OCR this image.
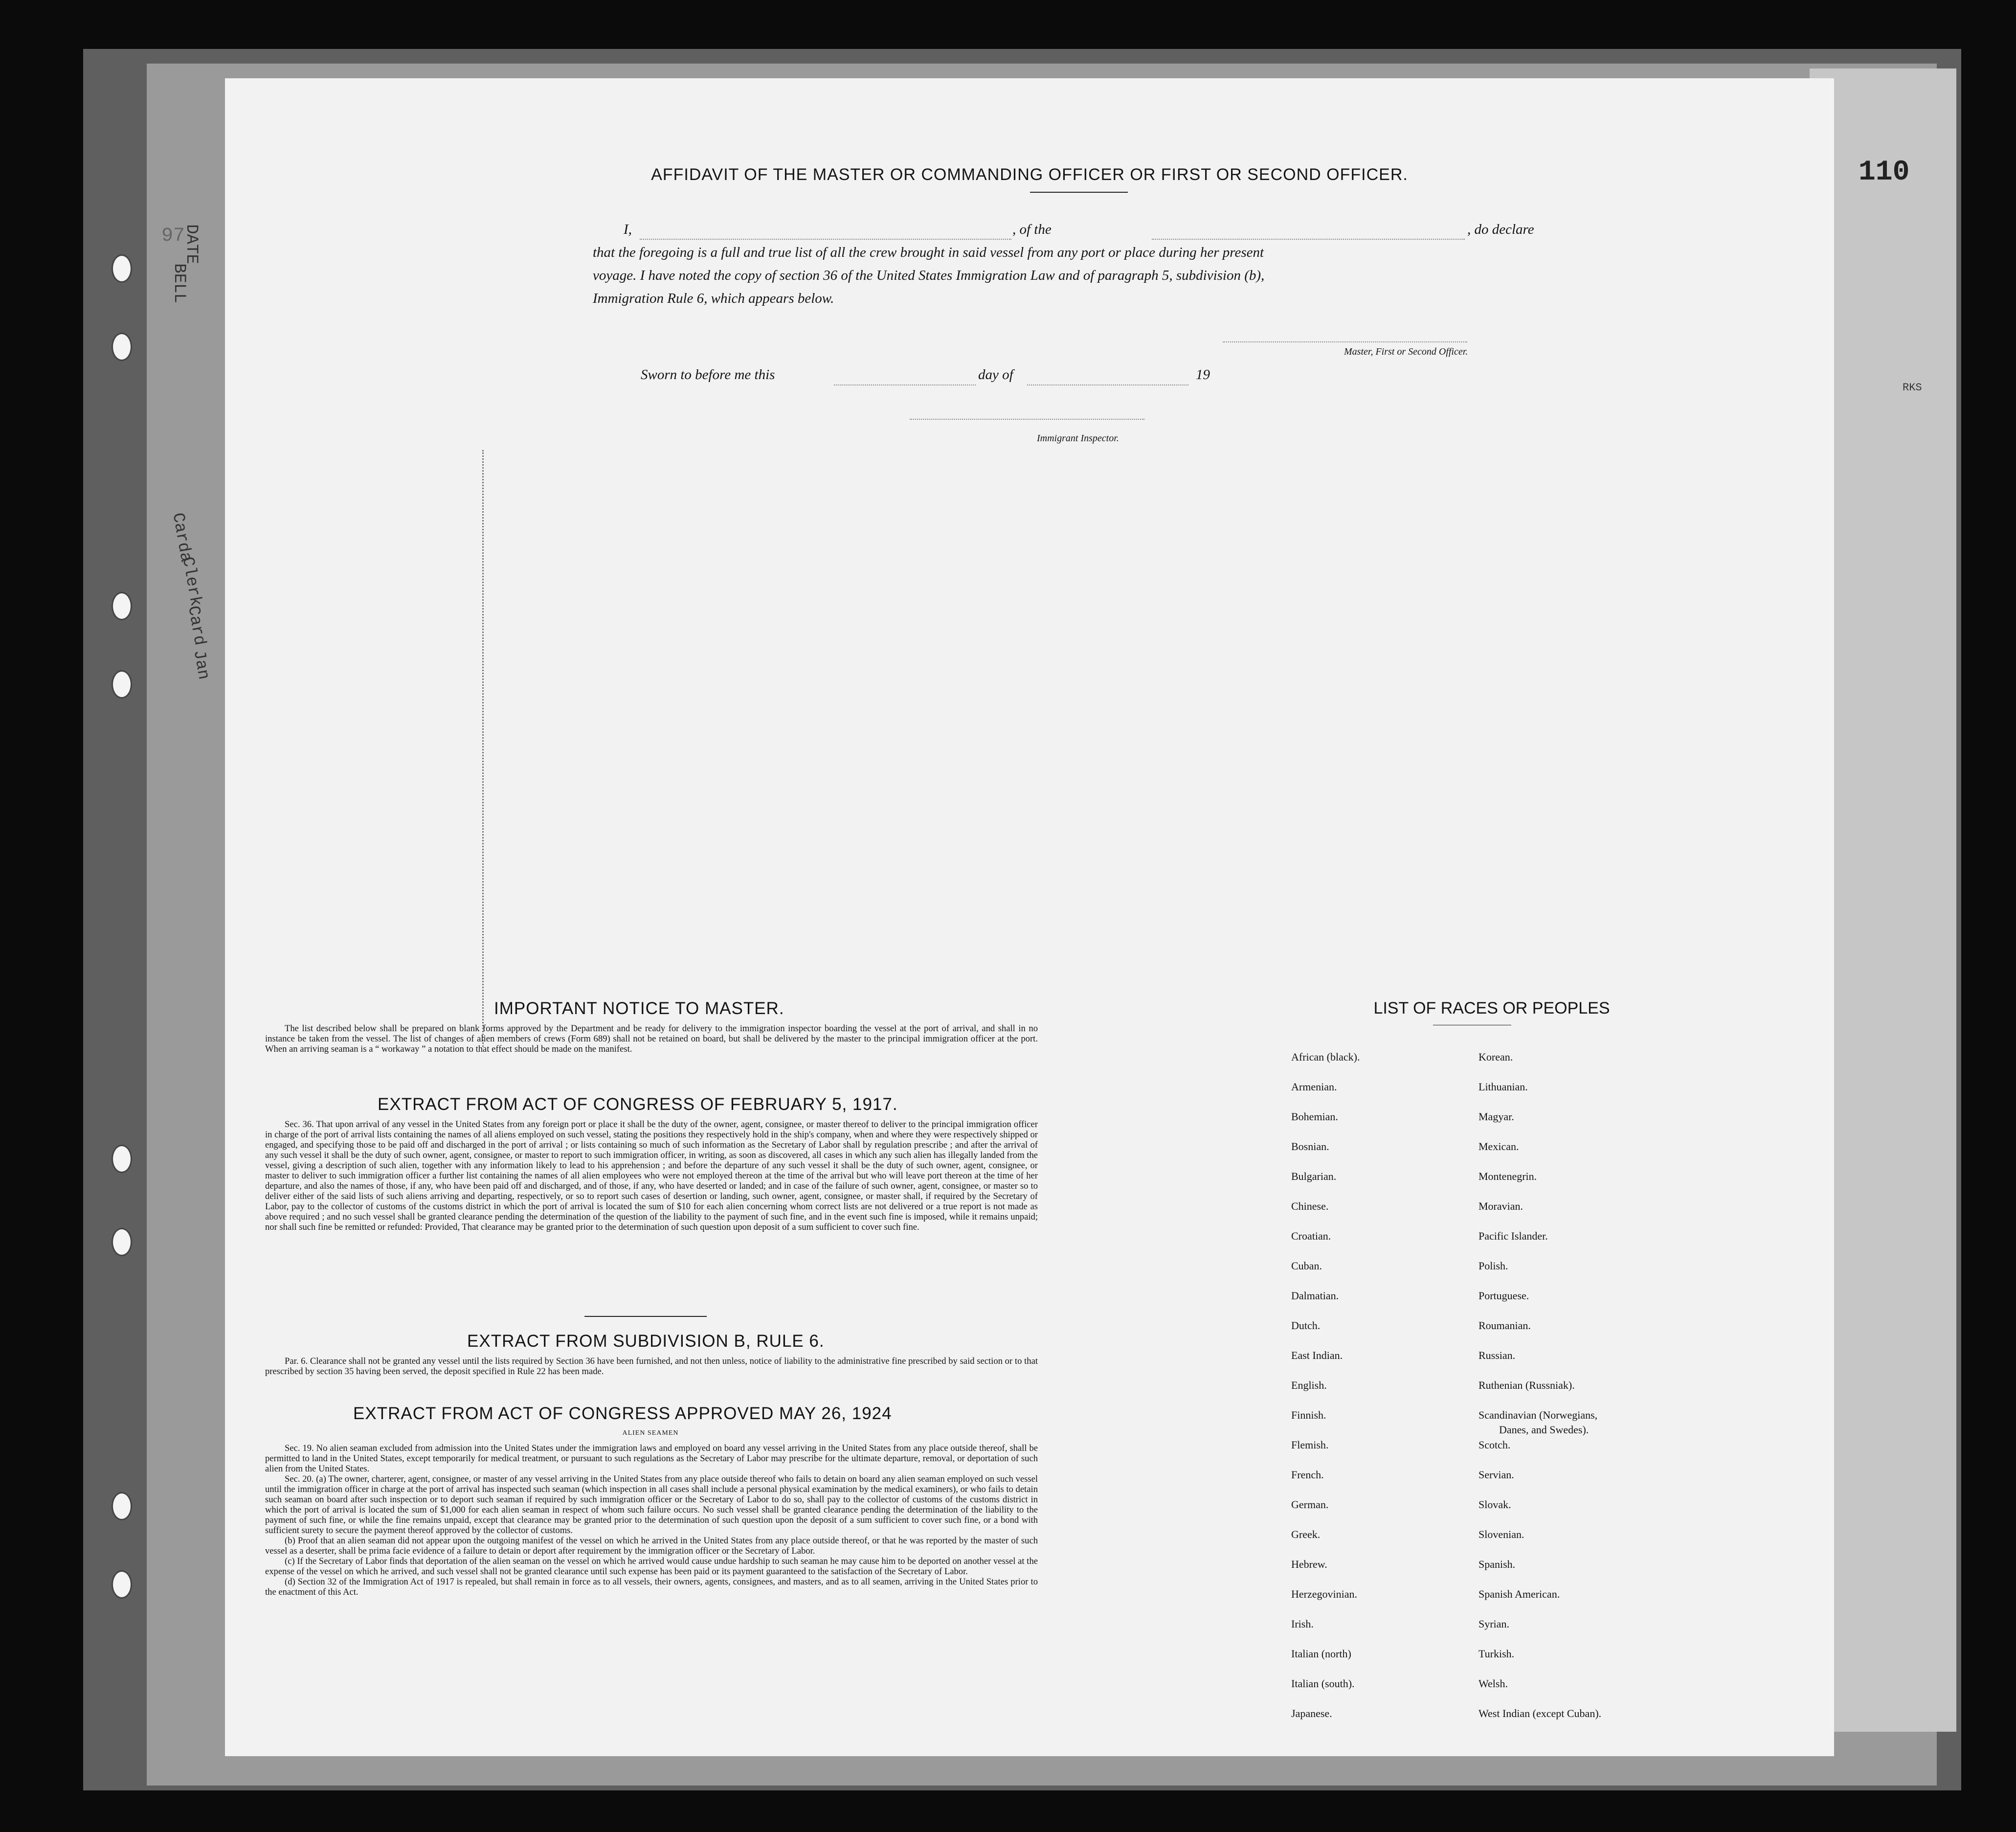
DATE
BELL
97
Carda
Clerk
Card
Jan
110
RKS
AFFIDAVIT OF THE MASTER OR COMMANDING OFFICER OR FIRST OR SECOND OFFICER.
I,	, of the	, do declare
that the foregoing is a full and true list of all the crew brought in said vessel from any port or place during her present
voyage. I have noted the copy of section 36 of the United States Immigration Law and of paragraph 5, subdivision (b),
Immigration Rule 6, which appears below.
Master, First or Second Officer.
Sworn to before me this	day of	19
Immigrant Inspector.
IMPORTANT NOTICE TO MASTER.

The list described below shall be prepared on blank forms approved by the Department and be ready for delivery to the immigration inspector boarding the vessel at the port of arrival, and shall in no instance be taken from the vessel. The list of changes of alien members of crews (Form 689) shall not be retained on board, but shall be delivered by the master to the principal immigration officer at the port. When an arriving seaman is a “ workaway ” a notation to that effect should be made on the manifest.

EXTRACT FROM ACT OF CONGRESS OF FEBRUARY 5, 1917.

Sec. 36. That upon arrival of any vessel in the United States from any foreign port or place it shall be the duty of the owner, agent, consignee, or master thereof to deliver to the principal immigration officer in charge of the port of arrival lists containing the names of all aliens employed on such vessel, stating the positions they respectively hold in the ship's company, when and where they were respectively shipped or engaged, and specifying those to be paid off and discharged in the port of arrival ; or lists containing so much of such information as the Secretary of Labor shall by regulation prescribe ; and after the arrival of any such vessel it shall be the duty of such owner, agent, consignee, or master to report to such immigration officer, in writing, as soon as discovered, all cases in which any such alien has illegally landed from the vessel, giving a description of such alien, together with any information likely to lead to his apprehension ; and before the departure of any such vessel it shall be the duty of such owner, agent, consignee, or master to deliver to such immigration officer a further list containing the names of all alien employees who were not employed thereon at the time of the arrival but who will leave port thereon at the time of her departure, and also the names of those, if any, who have been paid off and discharged, and of those, if any, who have deserted or landed; and in case of the failure of such owner, agent, consignee, or master so to deliver either of the said lists of such aliens arriving and departing, respectively, or so to report such cases of desertion or landing, such owner, agent, consignee, or master shall, if required by the Secretary of Labor, pay to the collector of customs of the customs district in which the port of arrival is located the sum of $10 for each alien concerning whom correct lists are not delivered or a true report is not made as above required ; and no such vessel shall be granted clearance pending the determination of the question of the liability to the payment of such fine, and in the event such fine is imposed, while it remains unpaid; nor shall such fine be remitted or refunded: Provided, That clearance may be granted prior to the determination of such question upon deposit of a sum sufficient to cover such fine.

EXTRACT FROM SUBDIVISION B, RULE 6.

Par. 6. Clearance shall not be granted any vessel until the lists required by Section 36 have been furnished, and not then unless, notice of liability to the administrative fine prescribed by said section or to that prescribed by section 35 having been served, the deposit specified in Rule 22 has been made.

EXTRACT FROM ACT OF CONGRESS APPROVED MAY 26, 1924
ALIEN SEAMEN

Sec. 19. No alien seaman excluded from admission into the United States under the immigration laws and employed on board any vessel arriving in the United States from any place outside thereof, shall be permitted to land in the United States, except temporarily for medical treatment, or pursuant to such regulations as the Secretary of Labor may prescribe for the ultimate departure, removal, or deportation of such alien from the United States.

Sec. 20. (a) The owner, charterer, agent, consignee, or master of any vessel arriving in the United States from any place outside thereof who fails to detain on board any alien seaman employed on such vessel until the immigration officer in charge at the port of arrival has inspected such seaman (which inspection in all cases shall include a personal physical examination by the medical examiners), or who fails to detain such seaman on board after such inspection or to deport such seaman if required by such immigration officer or the Secretary of Labor to do so, shall pay to the collector of customs of the customs district in which the port of arrival is located the sum of $1,000 for each alien seaman in respect of whom such failure occurs. No such vessel shall be granted clearance pending the determination of the liability to the payment of such fine, or while the fine remains unpaid, except that clearance may be granted prior to the determination of such question upon the deposit of a sum sufficient to cover such fine, or a bond with sufficient surety to secure the payment thereof approved by the collector of customs.

(b) Proof that an alien seaman did not appear upon the outgoing manifest of the vessel on which he arrived in the United States from any place outside thereof, or that he was reported by the master of such vessel as a deserter, shall be prima facie evidence of a failure to detain or deport after requirement by the immigration officer or the Secretary of Labor.

(c) If the Secretary of Labor finds that deportation of the alien seaman on the vessel on which he arrived would cause undue hardship to such seaman he may cause him to be deported on another vessel at the expense of the vessel on which he arrived, and such vessel shall not be granted clearance until such expense has been paid or its payment guaranteed to the satisfaction of the Secretary of Labor.

(d) Section 32 of the Immigration Act of 1917 is repealed, but shall remain in force as to all vessels, their owners, agents, consignees, and masters, and as to all seamen, arriving in the United States prior to the enactment of this Act.

LIST OF RACES OR PEOPLES
African (black).
Armenian.
Bohemian.
Bosnian.
Bulgarian.
Chinese.
Croatian.
Cuban.
Dalmatian.
Dutch.
East Indian.
English.
Finnish.
Flemish.
French.
German.
Greek.
Hebrew.
Herzegovinian.
Irish.
Italian (north)
Italian (south).
Japanese.
Korean.
Lithuanian.
Magyar.
Mexican.
Montenegrin.
Moravian.
Pacific Islander.
Polish.
Portuguese.
Roumanian.
Russian.
Ruthenian (Russniak).
Scandinavian (Norwegians,
Danes, and Swedes).
Scotch.
Servian.
Slovak.
Slovenian.
Spanish.
Spanish American.
Syrian.
Turkish.
Welsh.
West Indian (except Cuban).
